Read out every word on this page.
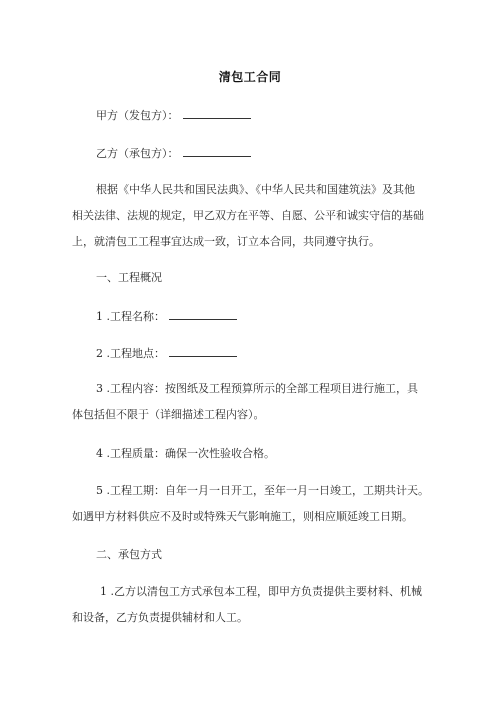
清包工合同
甲方（发包方）：
乙方（承包方）：
根据《中华人民共和国民法典》、《中华人民共和国建筑法》及其他
相关法律、法规的规定，甲乙双方在平等、自愿、公平和诚实守信的基础
上，就清包工工程事宜达成一致，订立本合同，共同遵守执行。
一、工程概况
1 .工程名称：
2 .工程地点：
3 .工程内容：按图纸及工程预算所示的全部工程项目进行施工，具
体包括但不限于（详细描述工程内容）。
4 .工程质量：确保一次性验收合格。
5 .工程工期：自年一月一日开工，至年一月一日竣工，工期共计天。
如遇甲方材料供应不及时或特殊天气影响施工，则相应顺延竣工日期。
二、承包方式
1 .乙方以清包工方式承包本工程，即甲方负责提供主要材料、机械
和设备，乙方负责提供辅材和人工。
